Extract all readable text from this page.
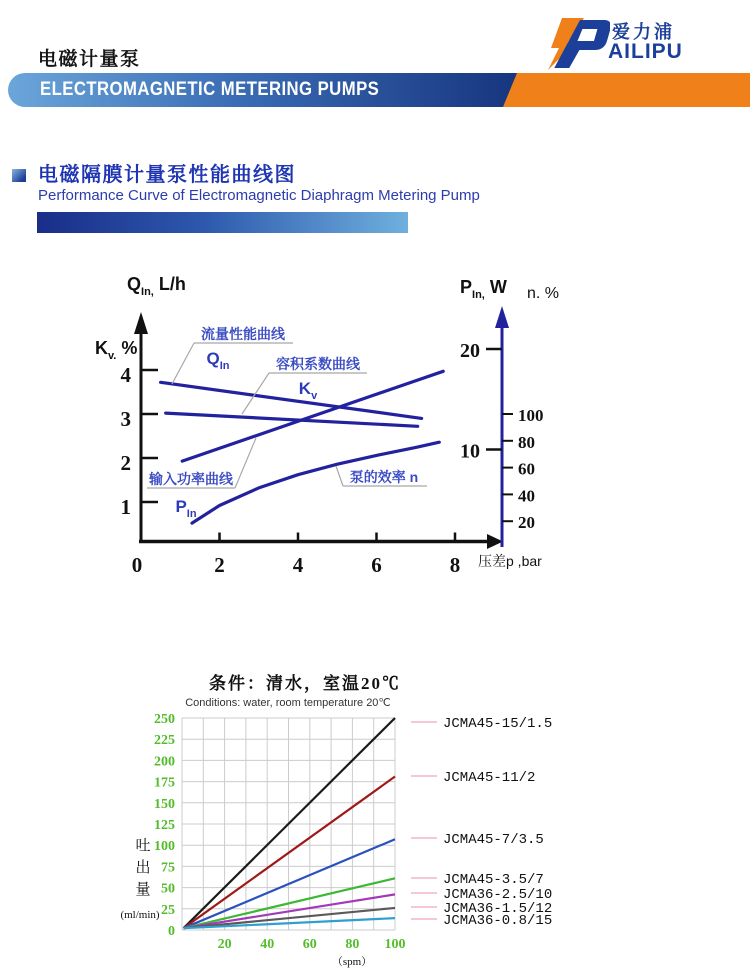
电磁计量泵
爱力浦
AILIPU
ELECTROMAGNETIC METERING PUMPS
电磁隔膜计量泵性能曲线图
Performance Curve of Electromagnetic Diaphragm Metering Pump
4
3
2
1
0	2	4	6	8
$Q_{In,}$ L/h
$K_{v.}$ %
$P_{In,}$ W n. %
压差p ,bar
20
10
100
80
60
40
20
流量性能曲线
$Q_{In}$	容积系数曲线
$K_v$
输入功率曲线
$P_{In}$
泵的效率 n
条件：清水，室温20℃
Conditions: water, room temperature 20℃
0
25
50
75
100
125
150
175
200
225
250
20 40 60 80 100
（spm）
吐
出
量
(ml/min)
JCMA45-15/1.5
JCMA45-11/2
JCMA45-7/3.5
JCMA45-3.5/7
JCMA36-2.5/10
JCMA36-1.5/12
JCMA36-0.8/15
